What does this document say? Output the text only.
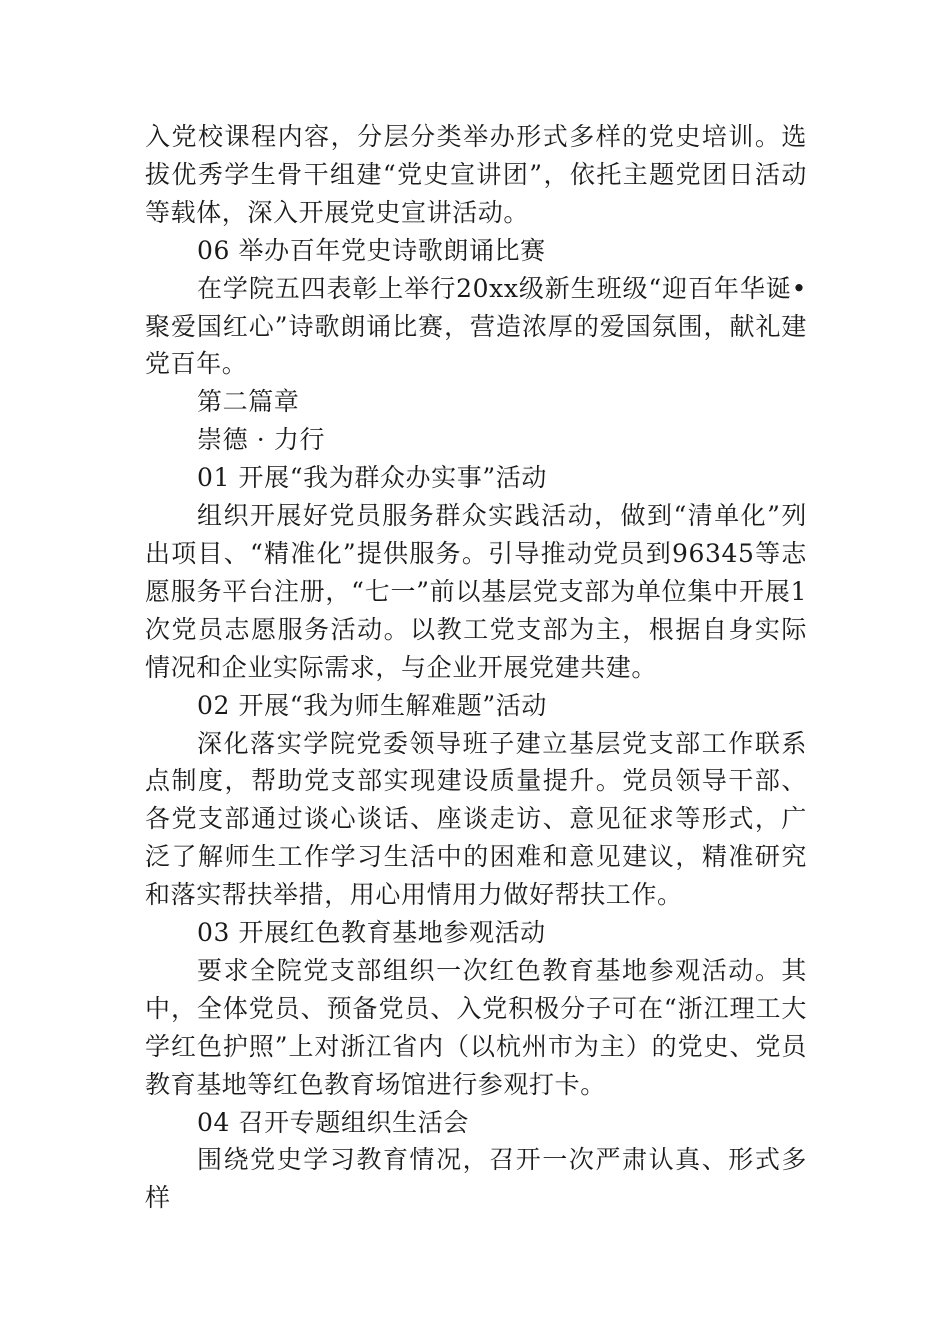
入党校课程内容，分层分类举办形式多样的党史培训。选拔优秀学生骨干组建“党史宣讲团”，依托主题党团日活动等载体，深入开展党史宣讲活动。

06 举办百年党史诗歌朗诵比赛

在学院五四表彰上举行20xx级新生班级“迎百年华诞•聚爱国红心”诗歌朗诵比赛，营造浓厚的爱国氛围，献礼建党百年。

第二篇章

崇德 · 力行

01 开展“我为群众办实事”活动

组织开展好党员服务群众实践活动，做到“清单化”列出项目、“精准化”提供服务。引导推动党员到96345等志愿服务平台注册，“七一”前以基层党支部为单位集中开展1次党员志愿服务活动。以教工党支部为主，根据自身实际情况和企业实际需求，与企业开展党建共建。

02 开展“我为师生解难题”活动

深化落实学院党委领导班子建立基层党支部工作联系点制度，帮助党支部实现建设质量提升。党员领导干部、各党支部通过谈心谈话、座谈走访、意见征求等形式，广泛了解师生工作学习生活中的困难和意见建议，精准研究和落实帮扶举措，用心用情用力做好帮扶工作。

03 开展红色教育基地参观活动

要求全院党支部组织一次红色教育基地参观活动。其中，全体党员、预备党员、入党积极分子可在“浙江理工大学红色护照”上对浙江省内（以杭州市为主）的党史、党员教育基地等红色教育场馆进行参观打卡。

04 召开专题组织生活会

围绕党史学习教育情况，召开一次严肃认真、形式多样
